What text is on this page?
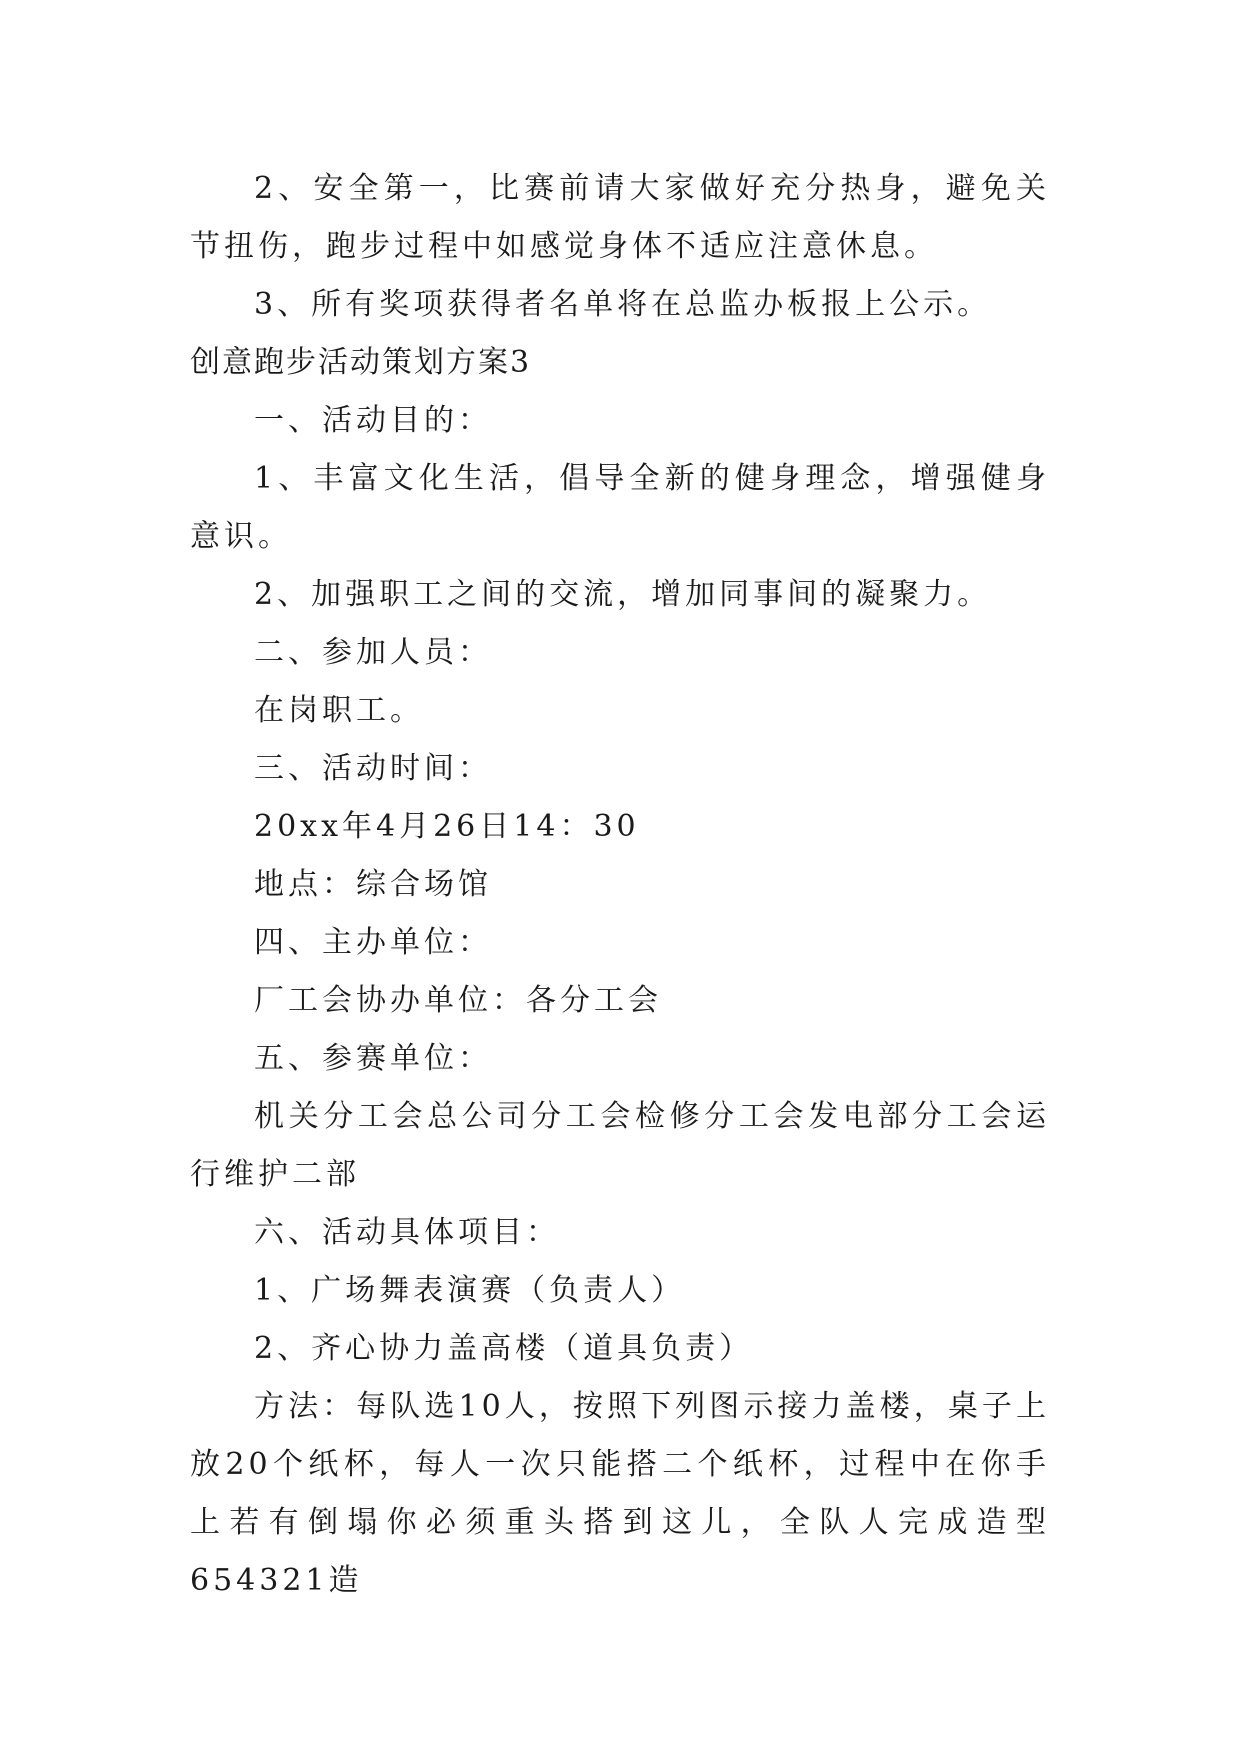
2、安全第一，比赛前请大家做好充分热身，避免关节扭伤，跑步过程中如感觉身体不适应注意休息。

3、所有奖项获得者名单将在总监办板报上公示。

创意跑步活动策划方案3

一、活动目的：

1、丰富文化生活，倡导全新的健身理念，增强健身意识。

2、加强职工之间的交流，增加同事间的凝聚力。

二、参加人员：

在岗职工。

三、活动时间：

20xx年4月26日14：30

地点：综合场馆

四、主办单位：

厂工会协办单位：各分工会

五、参赛单位：

机关分工会总公司分工会检修分工会发电部分工会运行维护二部

六、活动具体项目：

1、广场舞表演赛（负责人）

2、齐心协力盖高楼（道具负责）

方法：每队选10人，按照下列图示接力盖楼，桌子上放20个纸杯，每人一次只能搭二个纸杯，过程中在你手上若有倒塌你必须重头搭到这儿，全队人完成造型654321造
